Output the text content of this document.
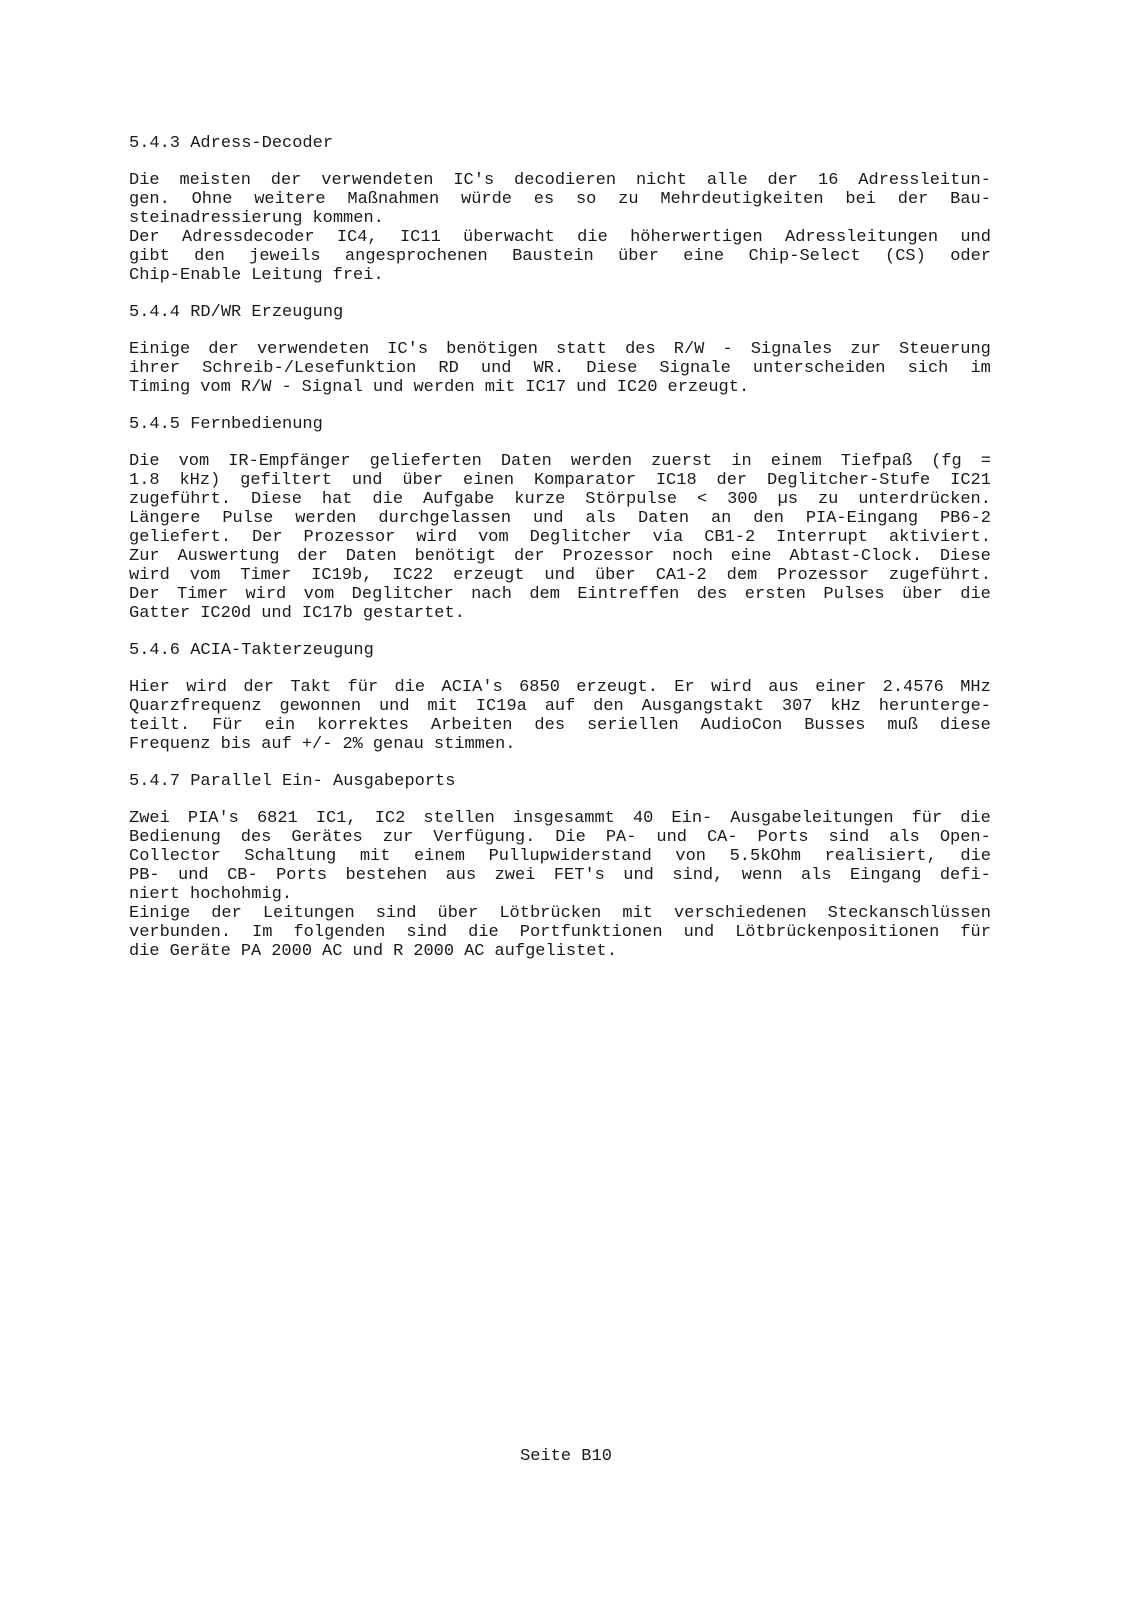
5.4.3 Adress-Decoder
Die meisten der verwendeten IC's decodieren nicht alle der 16 Adressleitun-
gen. Ohne weitere Maßnahmen würde es so zu Mehrdeutigkeiten bei der Bau-
steinadressierung kommen.
Der Adressdecoder IC4, IC11 überwacht die höherwertigen Adressleitungen und
gibt den jeweils angesprochenen Baustein über eine Chip-Select (CS) oder
Chip-Enable Leitung frei.
5.4.4 RD/WR Erzeugung
Einige der verwendeten IC's benötigen statt des R/W - Signales zur Steuerung
ihrer Schreib-/Lesefunktion RD und WR. Diese Signale unterscheiden sich im
Timing vom R/W - Signal und werden mit IC17 und IC20 erzeugt.
5.4.5 Fernbedienung
Die vom IR-Empfänger gelieferten Daten werden zuerst in einem Tiefpaß (fg =
1.8 kHz) gefiltert und über einen Komparator IC18 der Deglitcher-Stufe IC21
zugeführt. Diese hat die Aufgabe kurze Störpulse < 300 µs zu unterdrücken.
Längere Pulse werden durchgelassen und als Daten an den PIA-Eingang PB6-2
geliefert. Der Prozessor wird vom Deglitcher via CB1-2 Interrupt aktiviert.
Zur Auswertung der Daten benötigt der Prozessor noch eine Abtast-Clock. Diese
wird vom Timer IC19b, IC22 erzeugt und über CA1-2 dem Prozessor zugeführt.
Der Timer wird vom Deglitcher nach dem Eintreffen des ersten Pulses über die
Gatter IC20d und IC17b gestartet.
5.4.6 ACIA-Takterzeugung
Hier wird der Takt für die ACIA's 6850 erzeugt. Er wird aus einer 2.4576 MHz
Quarzfrequenz gewonnen und mit IC19a auf den Ausgangstakt 307 kHz herunterge-
teilt. Für ein korrektes Arbeiten des seriellen AudioCon Busses muß diese
Frequenz bis auf +/- 2% genau stimmen.
5.4.7 Parallel Ein- Ausgabeports
Zwei PIA's 6821 IC1, IC2 stellen insgesammt 40 Ein- Ausgabeleitungen für die
Bedienung des Gerätes zur Verfügung. Die PA- und CA- Ports sind als Open-
Collector Schaltung mit einem Pullupwiderstand von 5.5kOhm realisiert, die
PB- und CB- Ports bestehen aus zwei FET's und sind, wenn als Eingang defi-
niert hochohmig.
Einige der Leitungen sind über Lötbrücken mit verschiedenen Steckanschlüssen
verbunden. Im folgenden sind die Portfunktionen und Lötbrückenpositionen für
die Geräte PA 2000 AC und R 2000 AC aufgelistet.
Seite B10
